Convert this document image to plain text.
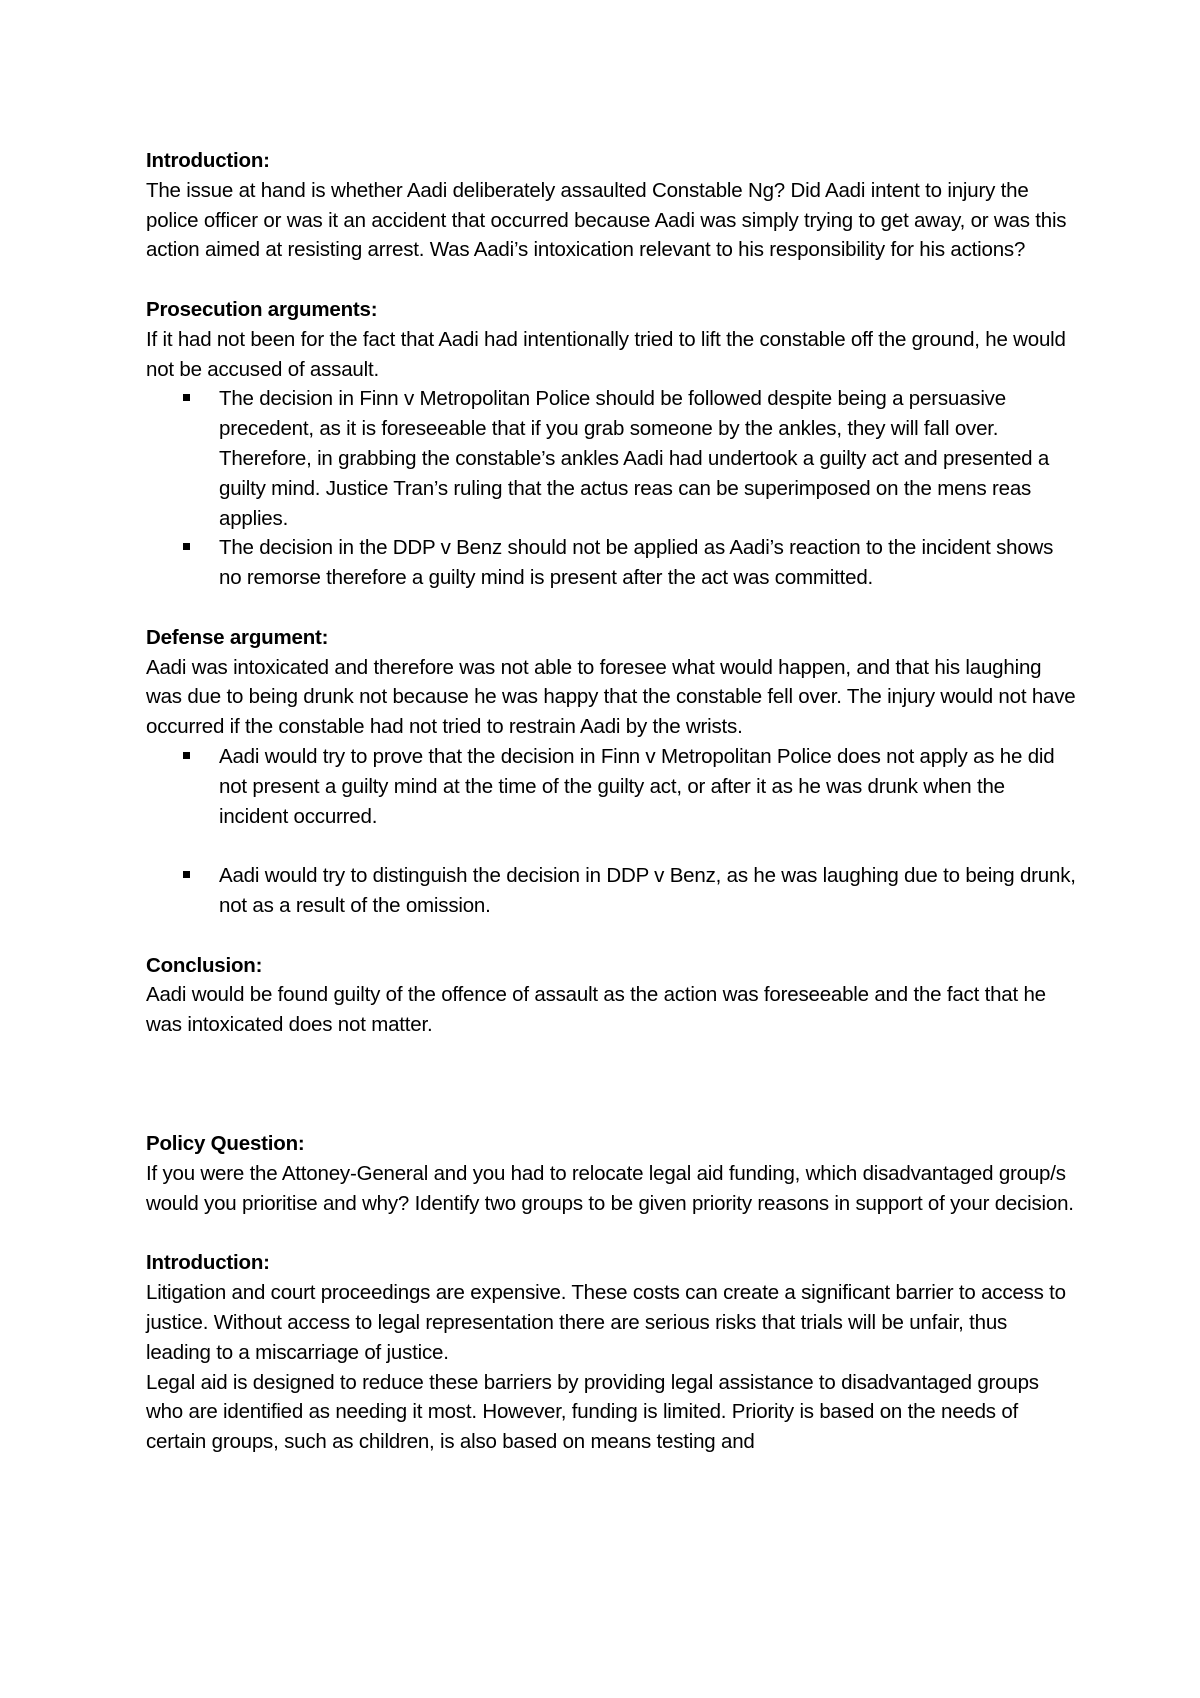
Introduction:

The issue at hand is whether Aadi deliberately assaulted Constable Ng? Did Aadi intent to injury the police officer or was it an accident that occurred because Aadi was simply trying to get away, or was this action aimed at resisting arrest. Was Aadi’s intoxication relevant to his responsibility for his actions?

Prosecution arguments:

If it had not been for the fact that Aadi had intentionally tried to lift the constable off the ground, he would not be accused of assault.

The decision in Finn v Metropolitan Police should be followed despite being a persuasive precedent, as it is foreseeable that if you grab someone by the ankles, they will fall over. Therefore, in grabbing the constable’s ankles Aadi had undertook a guilty act and presented a guilty mind. Justice Tran’s ruling that the actus reas can be superimposed on the mens reas applies.
The decision in the DDP v Benz should not be applied as Aadi’s reaction to the incident shows no remorse therefore a guilty mind is present after the act was committed.

Defense argument:

Aadi was intoxicated and therefore was not able to foresee what would happen, and that his laughing was due to being drunk not because he was happy that the constable fell over. The injury would not have occurred if the constable had not tried to restrain Aadi by the wrists.

Aadi would try to prove that the decision in Finn v Metropolitan Police does not apply as he did not present a guilty mind at the time of the guilty act, or after it as he was drunk when the incident occurred.
Aadi would try to distinguish the decision in DDP v Benz, as he was laughing due to being drunk, not as a result of the omission.

Conclusion:

Aadi would be found guilty of the offence of assault as the action was foreseeable and the fact that he was intoxicated does not matter.

Policy Question:

If you were the Attoney-General and you had to relocate legal aid funding, which disadvantaged group/s would you prioritise and why? Identify two groups to be given priority reasons in support of your decision.

Introduction:

Litigation and court proceedings are expensive. These costs can create a significant barrier to access to justice. Without access to legal representation there are serious risks that trials will be unfair, thus leading to a miscarriage of justice.

Legal aid is designed to reduce these barriers by providing legal assistance to disadvantaged groups who are identified as needing it most. However, funding is limited. Priority is based on the needs of certain groups, such as children, is also based on means testing and
